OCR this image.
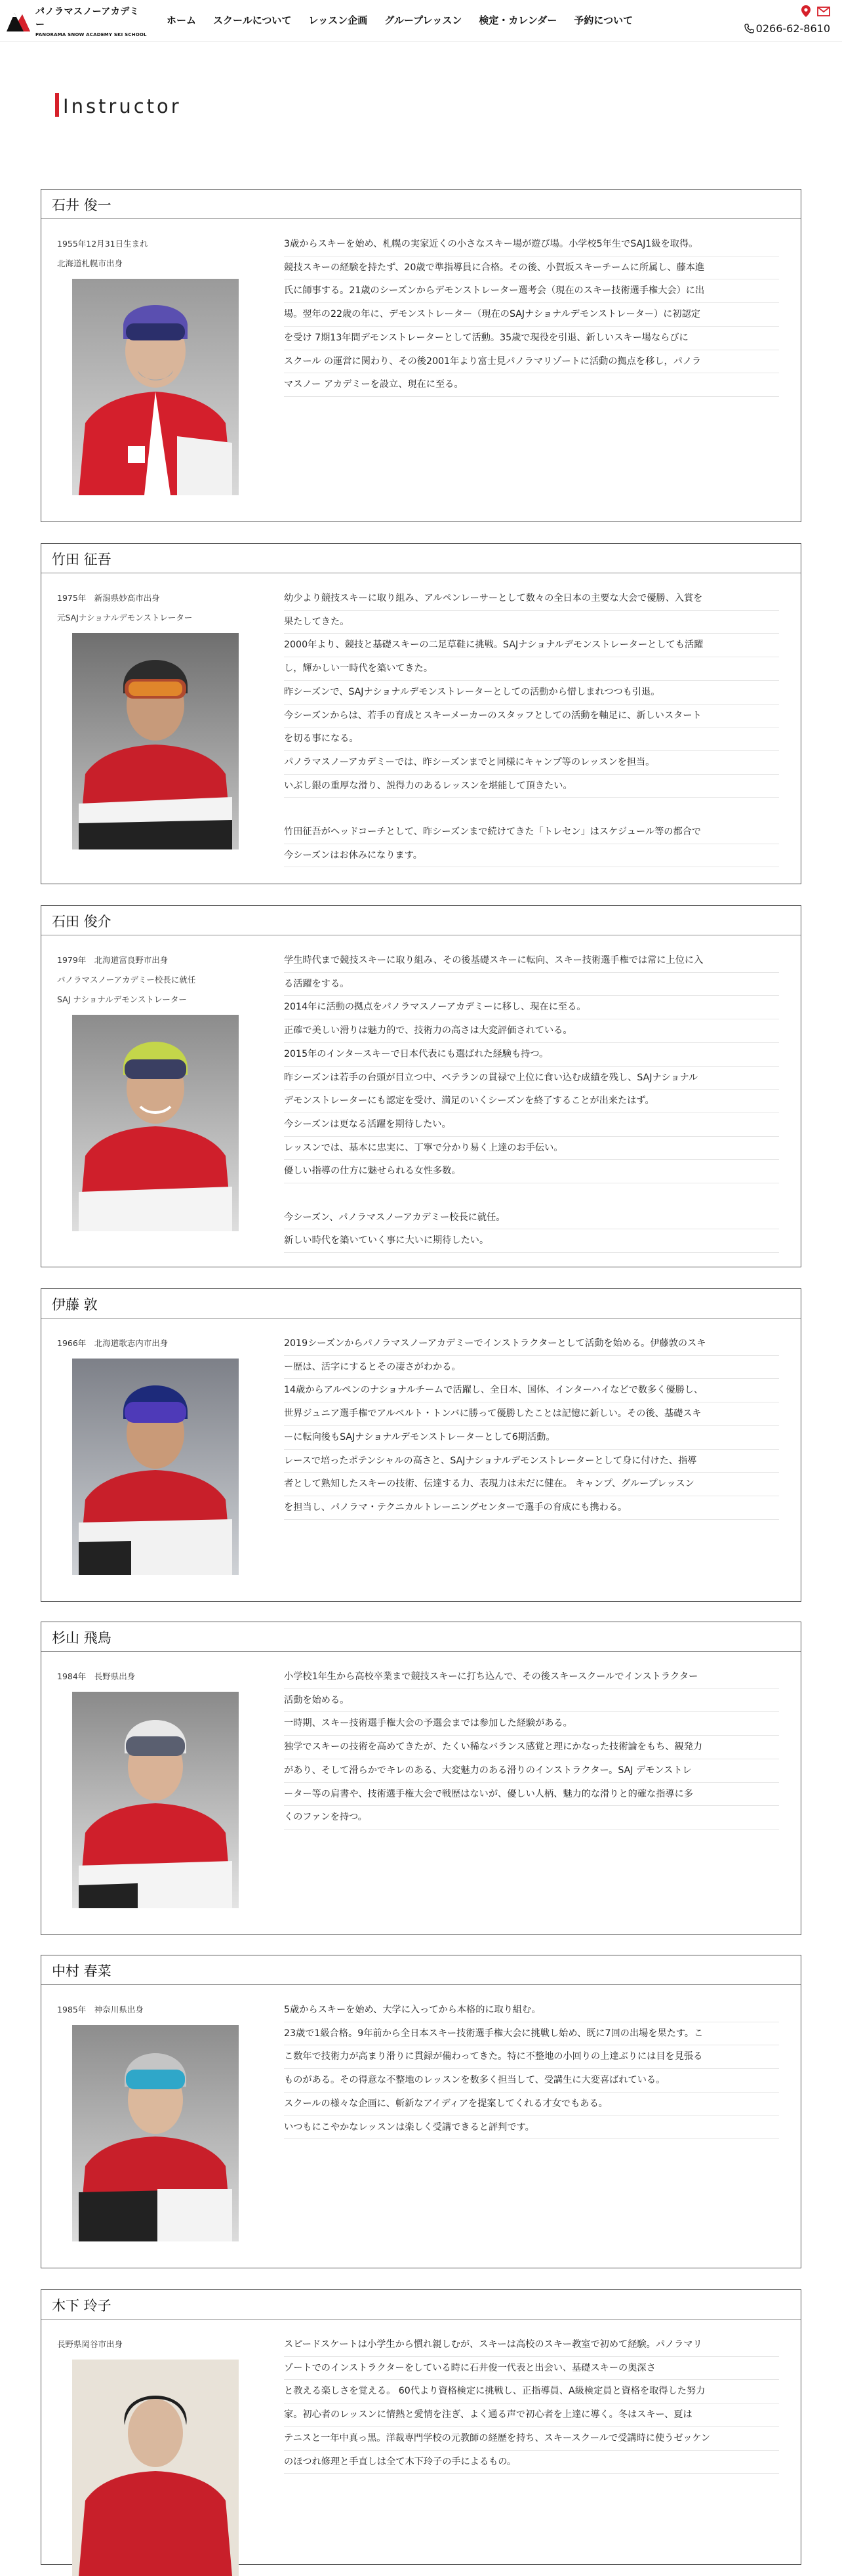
パノラマスノーアカデミー
PANORAMA SNOW ACADEMY SKI SCHOOL
ホーム スクールについて レッスン企画 グループレッスン 検定・カレンダー 予約について
0266-62-8610
Instructor
石井 俊一
1955年12月31日生まれ
北海道札幌市出身
3歳からスキーを始め、札幌の実家近くの小さなスキー場が遊び場。小学校5年生でSAJ1級を取得。
競技スキーの経験を持たず、20歳で準指導員に合格。その後、小賀坂スキーチームに所属し、藤本進
氏に師事する。21歳のシーズンからデモンストレーター選考会（現在のスキー技術選手権大会）に出
場。翌年の22歳の年に、デモンストレーター（現在のSAJナショナルデモンストレーター）に初認定
を受け 7期13年間デモンストレーターとして活動。35歳で現役を引退、新しいスキー場ならびに
スクール の運営に関わり、その後2001年より富士見パノラマリゾートに活動の拠点を移し，パノラ
マスノー アカデミーを設立、現在に至る。
竹田 征吾
1975年　新潟県妙高市出身
元SAJナショナルデモンストレーター
幼少より競技スキーに取り組み、アルペンレーサーとして数々の全日本の主要な大会で優勝、入賞を
果たしてきた。
2000年より、競技と基礎スキーの二足草鞋に挑戦。SAJナショナルデモンストレーターとしても活躍
し，輝かしい一時代を築いてきた。
昨シーズンで、SAJナショナルデモンストレーターとしての活動から惜しまれつつも引退。
今シーズンからは、若手の育成とスキーメーカーのスタッフとしての活動を軸足に、新しいスタート
を切る事になる。
パノラマスノーアカデミーでは、昨シーズンまでと同様にキャンプ等のレッスンを担当。
いぶし銀の重厚な滑り、説得力のあるレッスンを堪能して頂きたい。
竹田征吾がヘッドコーチとして、昨シーズンまで続けてきた「トレセン」はスケジュール等の都合で
今シーズンはお休みになります。
石田 俊介
1979年　北海道富良野市出身
パノラマスノーアカデミー校長に就任
SAJ ナショナルデモンストレーター
学生時代まで競技スキーに取り組み、その後基礎スキーに転向、スキー技術選手権では常に上位に入
る活躍をする。
2014年に活動の拠点をパノラマスノーアカデミーに移し、現在に至る。
正確で美しい滑りは魅力的で、技術力の高さは大変評価されている。
2015年のインタースキーで日本代表にも選ばれた経験も持つ。
昨シーズンは若手の台頭が目立つ中、ベテランの貫禄で上位に食い込む成績を残し、SAJナショナル
デモンストレーターにも認定を受け、満足のいくシーズンを終了することが出来たはず。
今シーズンは更なる活躍を期待したい。
レッスンでは、基本に忠実に、丁寧で分かり易く上達のお手伝い。
優しい指導の仕方に魅せられる女性多数。
今シーズン、パノラマスノーアカデミー校長に就任。
新しい時代を築いていく事に大いに期待したい。
伊藤 敦
1966年　北海道歌志内市出身	2019シーズンからパノラマスノーアカデミーでインストラクターとして活動を始める。伊藤敦のスキ
ー歴は、活字にするとその凄さがわかる。
14歳からアルペンのナショナルチームで活躍し、全日本、国体、インターハイなどで数多く優勝し、
世界ジュニア選手権でアルベルト・トンバに勝って優勝したことは記憶に新しい。その後、基礎スキ
ーに転向後もSAJナショナルデモンストレーターとして6期活動。
レースで培ったポテンシャルの高さと、SAJナショナルデモンストレーターとして身に付けた、指導
者として熟知したスキーの技術、伝達する力、表現力は未だに健在。 キャンプ、グループレッスン
を担当し、パノラマ・テクニカルトレーニングセンターで選手の育成にも携わる。
杉山 飛鳥
1984年　長野県出身	小学校1年生から高校卒業まで競技スキーに打ち込んで、その後スキースクールでインストラクター
活動を始める。
一時期、スキー技術選手権大会の予選会までは参加した経験がある。
独学でスキーの技術を高めてきたが、たくい稀なバランス感覚と理にかなった技術論をもち、観発力
があり、そして滑らかでキレのある、大変魅力のある滑りのインストラクター。SAJ デモンストレ
ーター等の肩書や、技術選手権大会で戦歴はないが、優しい人柄、魅力的な滑りと的確な指導に多
くのファンを持つ。
中村 春菜
1985年　神奈川県出身	5歳からスキーを始め、大学に入ってから本格的に取り組む。
23歳で1級合格。9年前から全日本スキー技術選手権大会に挑戦し始め、既に7回の出場を果たす。こ
こ数年で技術力が高まり滑りに貫録が備わってきた。特に不整地の小回りの上達ぶりには目を見張る
ものがある。その得意な不整地のレッスンを数多く担当して、受講生に大変喜ばれている。
スクールの様々な企画に、斬新なアイディアを提案してくれる才女でもある。
いつもにこやかなレッスンは楽しく受講できると評判です。
木下 玲子
長野県岡谷市出身	スピードスケートは小学生から慣れ親しむが、スキーは高校のスキー教室で初めて経験。パノラマリ
ゾートでのインストラクターをしている時に石井俊一代表と出会い、基礎スキーの奥深さ
と教える楽しさを覚える。 60代より資格検定に挑戦し、正指導員、A級検定員と資格を取得した努力
家。初心者のレッスンに情熱と愛情を注ぎ、よく通る声で初心者を上達に導く。冬はスキー、夏は
テニスと一年中真っ黒。洋裁専門学校の元教師の経歴を持ち、スキースクールで受講時に使うゼッケン
のほつれ修理と手直しは全て木下玲子の手によるもの。
